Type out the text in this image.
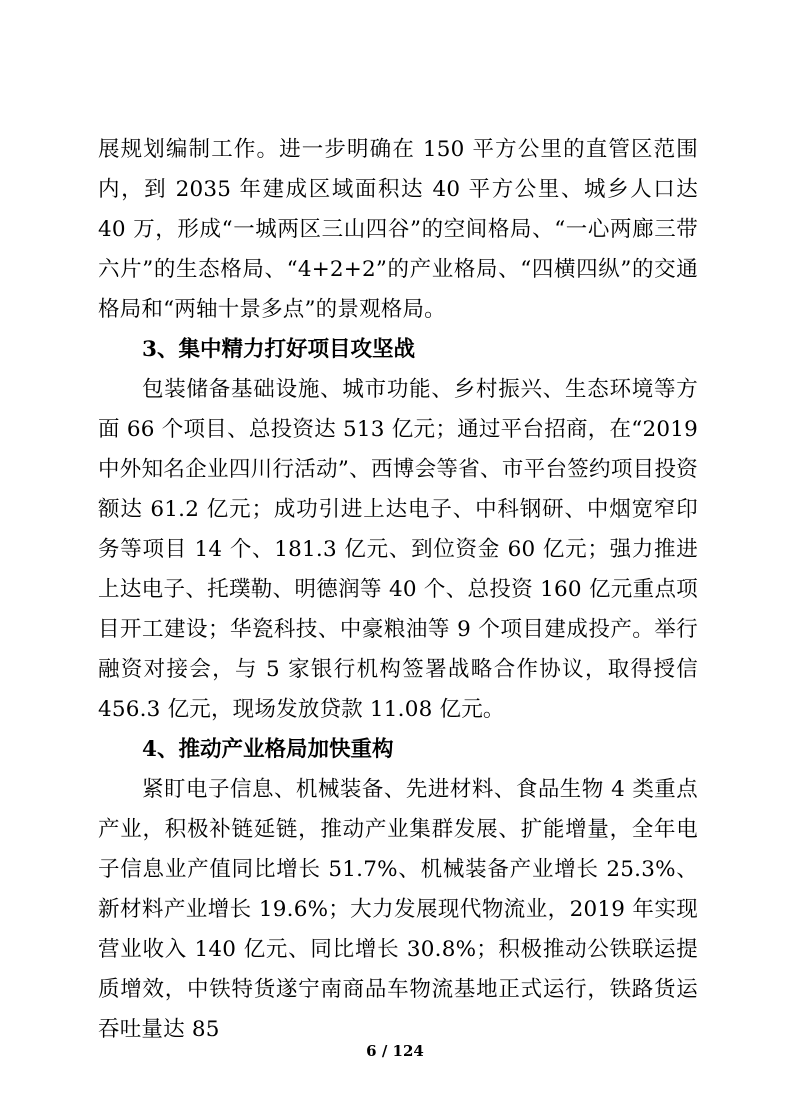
展规划编制工作。进一步明确在 150 平方公里的直管区范围内，到 2035 年建成区域面积达 40 平方公里、城乡人口达 40 万，形成“一城两区三山四谷”的空间格局、“一心两廊三带六片”的生态格局、“4+2+2”的产业格局、“四横四纵”的交通格局和“两轴十景多点”的景观格局。

3、集中精力打好项目攻坚战

包装储备基础设施、城市功能、乡村振兴、生态环境等方面 66 个项目、总投资达 513 亿元；通过平台招商，在“2019 中外知名企业四川行活动”、西博会等省、市平台签约项目投资额达 61.2 亿元；成功引进上达电子、中科钢研、中烟宽窄印务等项目 14 个、181.3 亿元、到位资金 60 亿元；强力推进上达电子、托璞勒、明德润等 40 个、总投资 160 亿元重点项目开工建设；华瓷科技、中豪粮油等 9 个项目建成投产。举行融资对接会，与 5 家银行机构签署战略合作协议，取得授信 456.3 亿元，现场发放贷款 11.08 亿元。

4、推动产业格局加快重构

紧盯电子信息、机械装备、先进材料、食品生物 4 类重点产业，积极补链延链，推动产业集群发展、扩能增量，全年电子信息业产值同比增长 51.7%、机械装备产业增长 25.3%、新材料产业增长 19.6%；大力发展现代物流业，2019 年实现营业收入 140 亿元、同比增长 30.8%；积极推动公铁联运提质增效，中铁特货遂宁南商品车物流基地正式运行，铁路货运吞吐量达 85

6 / 124
